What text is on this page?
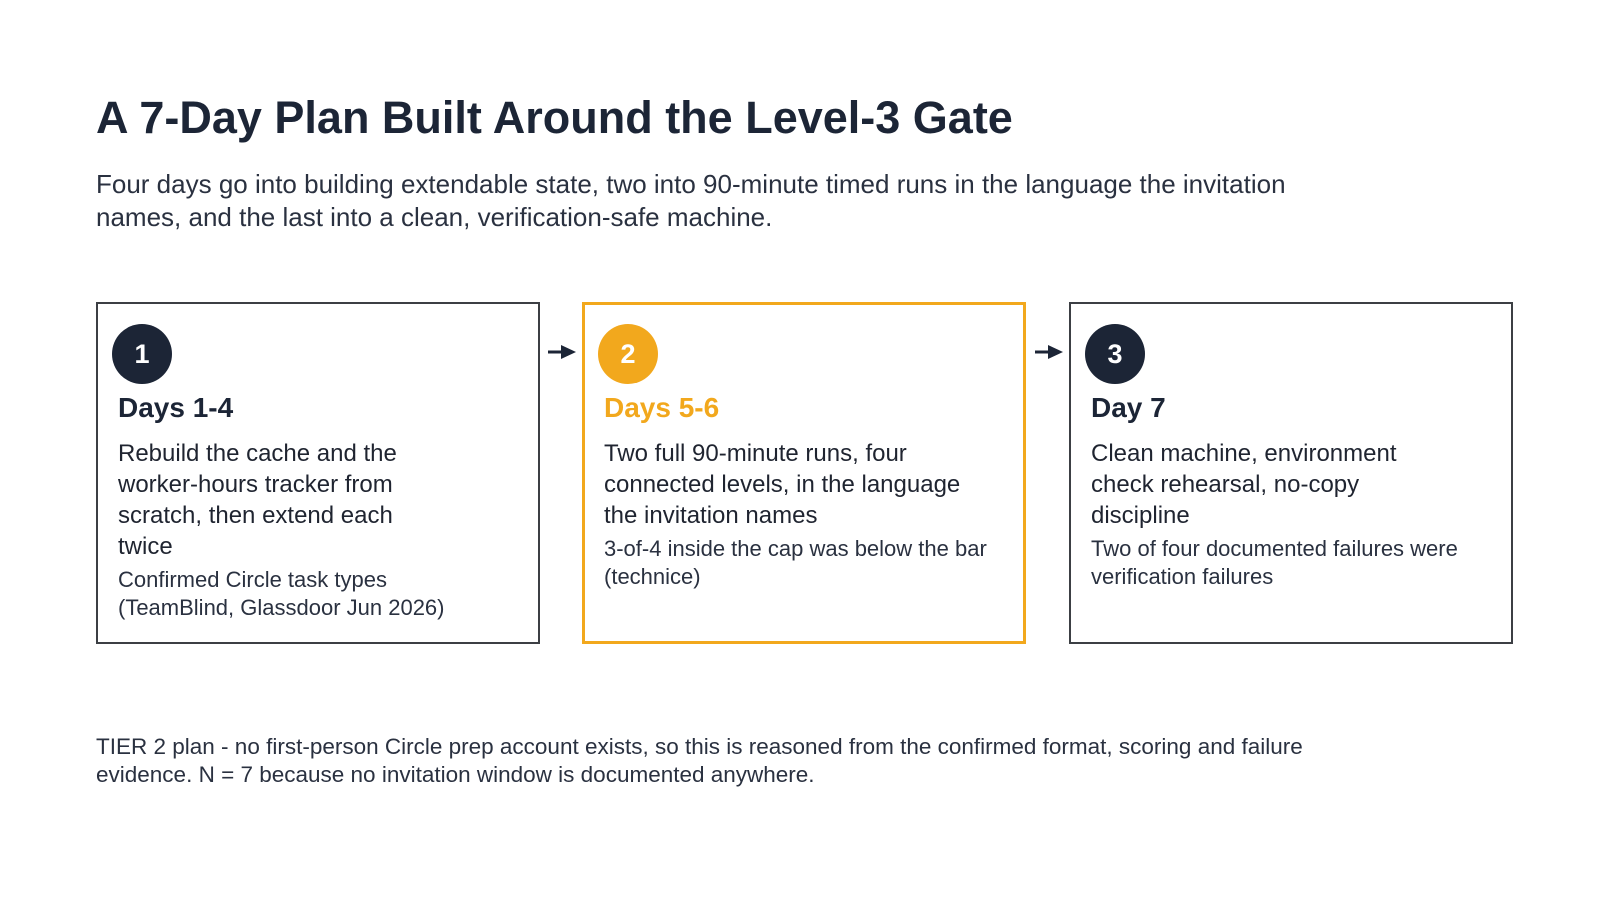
A 7-Day Plan Built Around the Level-3 Gate

Four days go into building extendable state, two into 90-minute timed runs in the language the invitation names, and the last into a clean, verification-safe machine.

1
Days 1-4

Rebuild the cache and the worker-hours tracker from scratch, then extend each twice

Confirmed Circle task types (TeamBlind, Glassdoor Jun 2026)

2
Days 5-6

Two full 90-minute runs, four connected levels, in the language the invitation names

3-of-4 inside the cap was below the bar (technice)

3
Day 7

Clean machine, environment check rehearsal, no-copy discipline

Two of four documented failures were verification failures

TIER 2 plan - no first-person Circle prep account exists, so this is reasoned from the confirmed format, scoring and failure evidence. N = 7 because no invitation window is documented anywhere.
